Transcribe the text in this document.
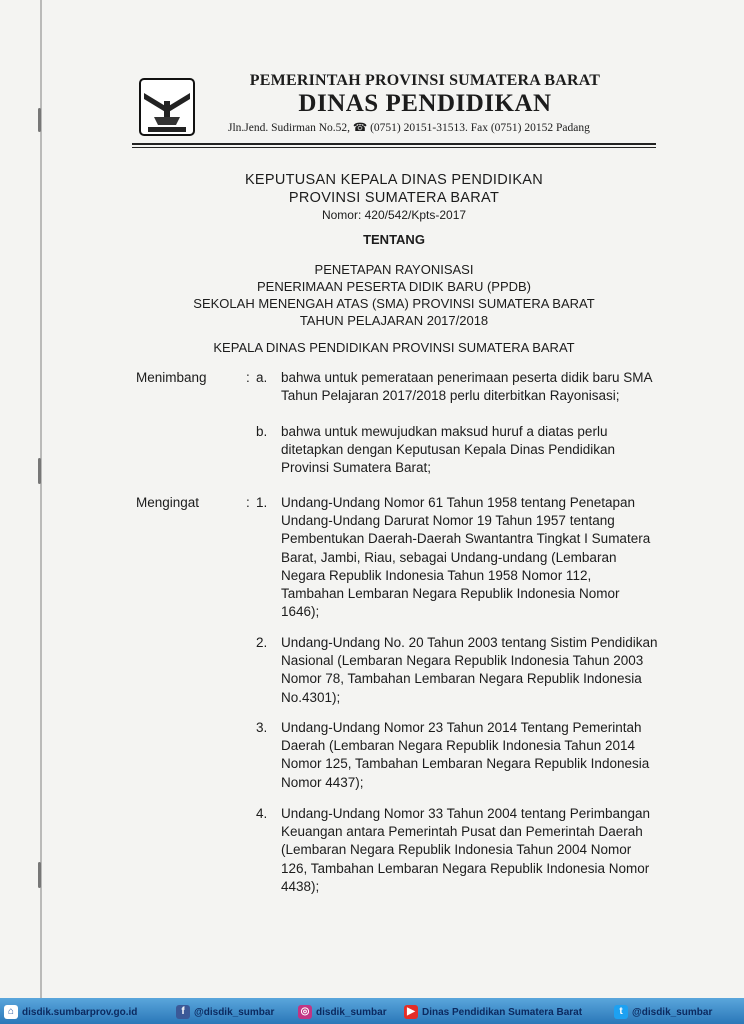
PEMERINTAH PROVINSI SUMATERA BARAT
DINAS PENDIDIKAN
Jln.Jend. Sudirman No.52, ☎ (0751) 20151-31513. Fax (0751) 20152 Padang
KEPUTUSAN KEPALA DINAS PENDIDIKAN
PROVINSI SUMATERA BARAT
Nomor: 420/542/Kpts-2017
TENTANG
PENETAPAN RAYONISASI
PENERIMAAN PESERTA DIDIK BARU (PPDB)
SEKOLAH MENENGAH ATAS (SMA) PROVINSI SUMATERA BARAT
TAHUN PELAJARAN 2017/2018
KEPALA DINAS PENDIDIKAN PROVINSI SUMATERA BARAT
Menimbang	: a. bahwa untuk pemerataan penerimaan peserta didik baru SMA
Tahun Pelajaran 2017/2018 perlu diterbitkan Rayonisasi;
b. bahwa untuk mewujudkan maksud huruf a diatas perlu
ditetapkan dengan Keputusan Kepala Dinas Pendidikan
Provinsi Sumatera Barat;
Mengingat	: 1. Undang-Undang Nomor 61 Tahun 1958 tentang Penetapan
Undang-Undang Darurat Nomor 19 Tahun 1957 tentang
Pembentukan Daerah-Daerah Swantantra Tingkat I Sumatera
Barat, Jambi, Riau, sebagai Undang-undang (Lembaran
Negara Republik Indonesia Tahun 1958 Nomor 112,
Tambahan Lembaran Negara Republik Indonesia Nomor
1646);
2. Undang-Undang No. 20 Tahun 2003 tentang Sistim Pendidikan
Nasional (Lembaran Negara Republik Indonesia Tahun 2003
Nomor 78, Tambahan Lembaran Negara Republik Indonesia
No.4301);
3. Undang-Undang Nomor 23 Tahun 2014 Tentang Pemerintah
Daerah (Lembaran Negara Republik Indonesia Tahun 2014
Nomor 125, Tambahan Lembaran Negara Republik Indonesia
Nomor 4437);
4. Undang-Undang Nomor 33 Tahun 2004 tentang Perimbangan
Keuangan antara Pemerintah Pusat dan Pemerintah Daerah
(Lembaran Negara Republik Indonesia Tahun 2004 Nomor
126, Tambahan Lembaran Negara Republik Indonesia Nomor
4438);
⌂ disdik.sumbarprov.go.id	f @disdik_sumbar	◎ disdik_sumbar	▶ Dinas Pendidikan Sumatera Barat	t @disdik_sumbar
